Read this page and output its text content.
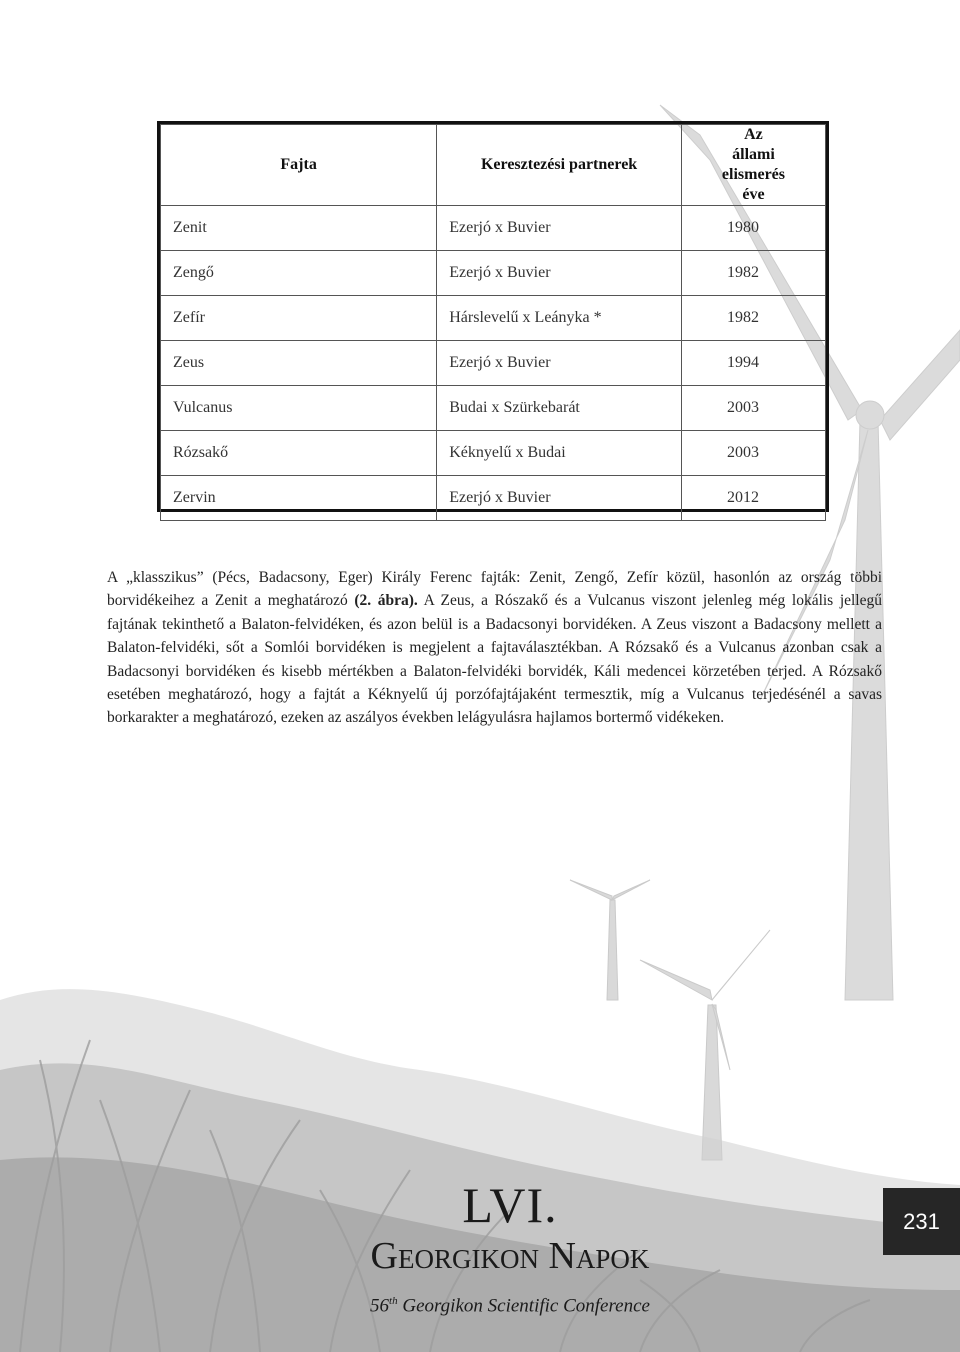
Fajta	Keresztezési partnerek	Az állami elismerés éve
Zenit	Ezerjó x Buvier	1980
Zengő	Ezerjó x Buvier	1982
Zefír	Hárslevelű x Leányka *	1982
Zeus	Ezerjó x Buvier	1994
Vulcanus	Budai x Szürkebarát	2003
Rózsakő	Kéknyelű x Budai	2003
Zervin	Ezerjó x Buvier	2012
A „klasszikus” (Pécs, Badacsony, Eger) Király Ferenc fajták: Zenit, Zengő, Zefír közül, hasonlón az ország többi borvidékeihez a Zenit a meghatározó (2. ábra). A Zeus, a Rószakő és a Vulcanus viszont jelenleg még lokális jellegű fajtának tekinthető a Balaton-felvidéken, és azon belül is a Badacsonyi borvidéken. A Zeus viszont a Badacsony mellett a Balaton-felvidéki, sőt a Somlói borvidéken is megjelent a fajtaválasztékban. A Rózsakő és a Vulcanus azonban csak a Badacsonyi borvidéken és kisebb mértékben a Balaton-felvidéki borvidék, Káli medencei körzetében terjed. A Rózsakő esetében meghatározó, hogy a fajtát a Kéknyelű új porzófajtájaként termesztik, míg a Vulcanus terjedésénél a savas borkarakter a meghatározó, ezeken az aszályos években lelágyulásra hajlamos bortermő vidékeken.
LVI.
Georgikon Napok
56th Georgikon Scientific Conference
231
